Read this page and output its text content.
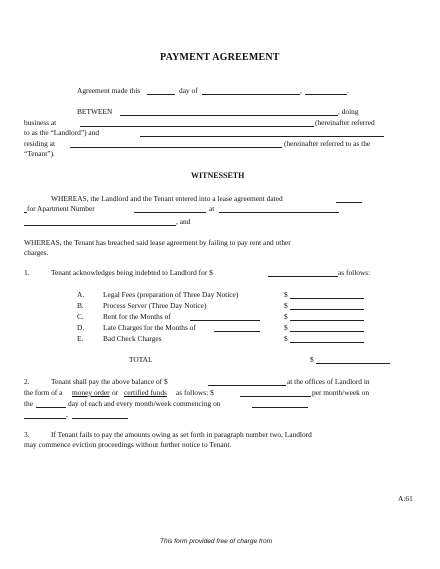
PAYMENT AGREEMENT
Agreement made this	day of	,	.
BETWEEN	, doing
business at	(hereinafter referred
to as the “Landlord”) and
residing at	(hereinafter referred to as the
“Tenant”).
WITNESSETH
WHEREAS, the Landlord and the Tenant entered into a lease agreement dated
for Apartment Number	at
, and
WHEREAS, the Tenant has breached said lease agreement by failing to pay rent and other
charges.
1.	Tenant acknowledges being indebted to Landlord for $	as follows:
A.	Legal Fees (preparation of Three Day Notice)	$
B.	Process Server (Three Day Notice)	$
C.	Rent for the Months of	$
D.	Late Charges for the Months of	$
E.	Bad Check Charges	$
TOTAL	$
2.	Tenant shall pay the above balance of $	at the offices of Landlord in
the form of a money order or certified funds as follows: $	per month/week on
the	day of each and every month/week commencing on
,
3.	If Tenant fails to pay the amounts owing as set forth in paragraph number two, Landlord
may commence eviction proceedings without further notice to Tenant.
A:61
This form provided free of charge from
